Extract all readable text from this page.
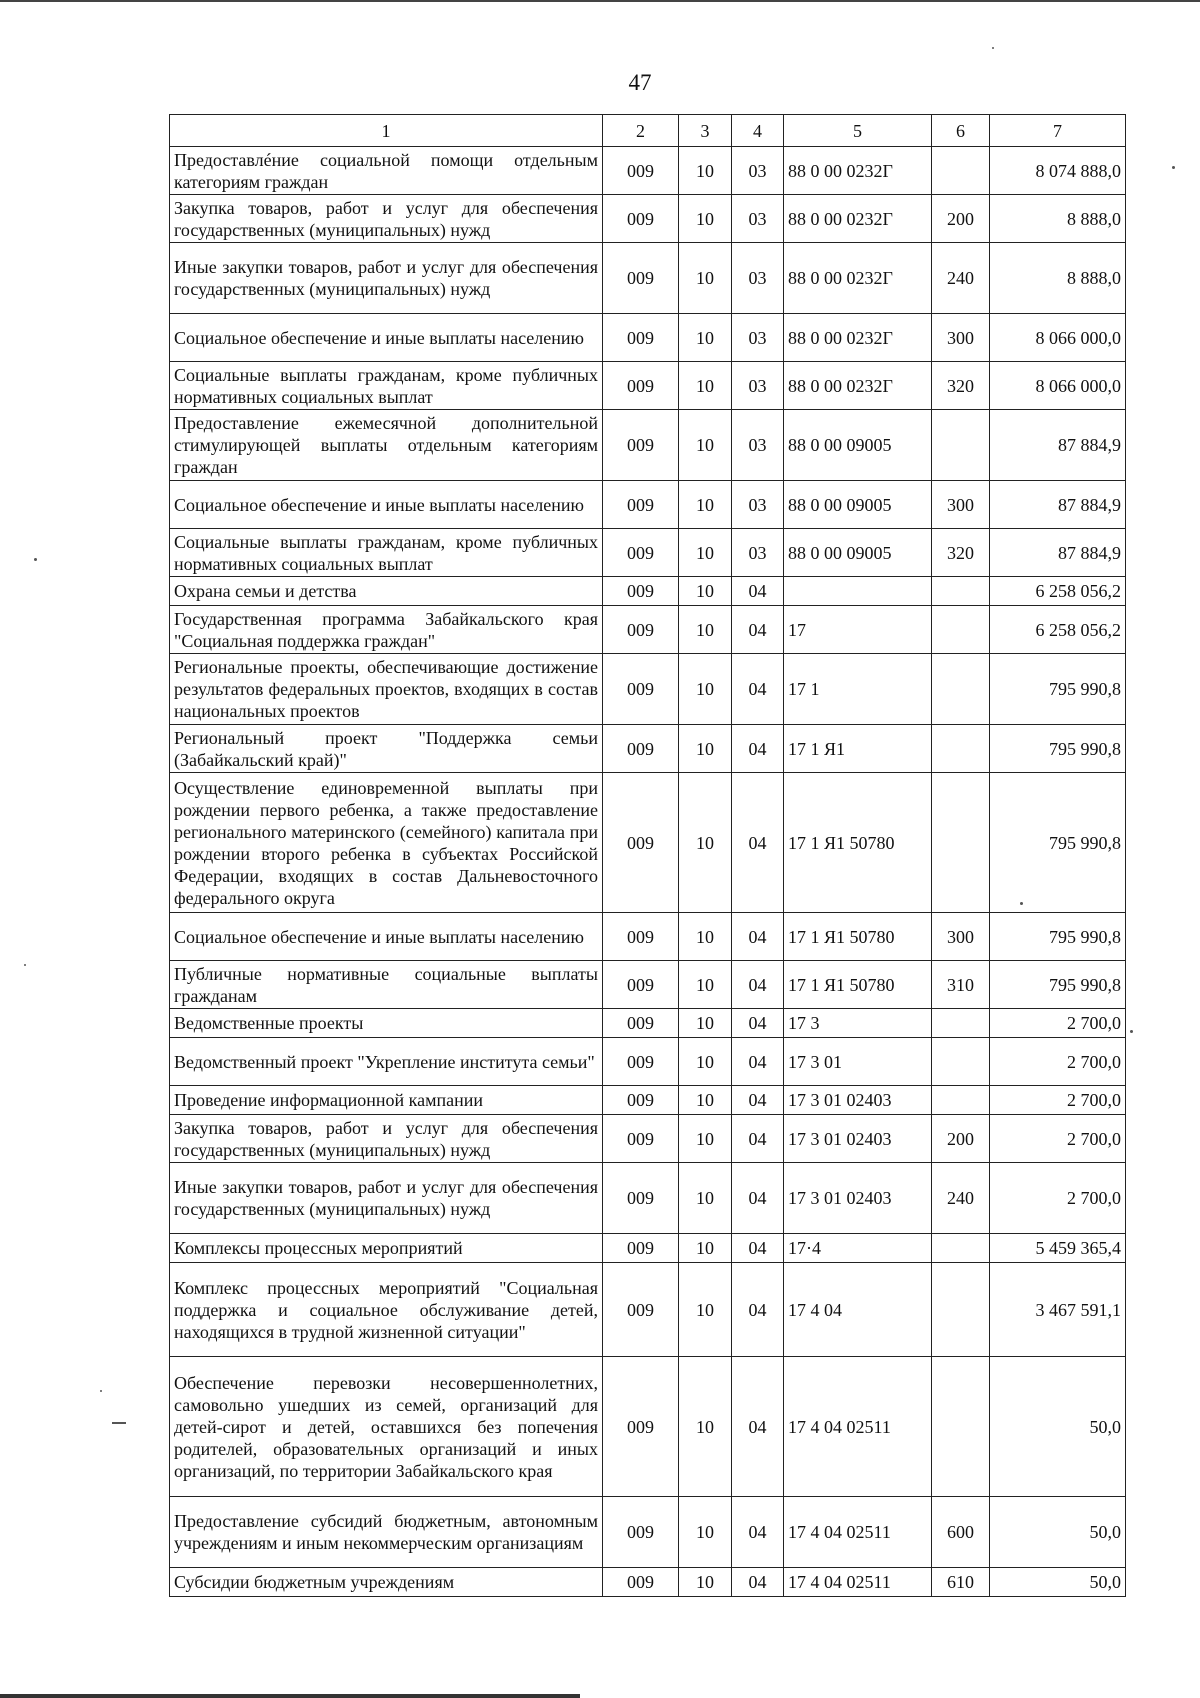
47
1	2	3	4	5	6	7
Предоставлéние социальной помощи отдельным категориям граждан	009	10	03	88 0 00 0232Г		8 074 888,0
Закупка товаров, работ и услуг для обеспечения государственных (муниципальных) нужд	009	10	03	88 0 00 0232Г	200	8 888,0
Иные закупки товаров, работ и услуг для обеспечения государственных (муниципальных) нужд	009	10	03	88 0 00 0232Г	240	8 888,0
Социальное обеспечение и иные выплаты населению	009	10	03	88 0 00 0232Г	300	8 066 000,0
Социальные выплаты гражданам, кроме публичных нормативных социальных выплат	009	10	03	88 0 00 0232Г	320	8 066 000,0
Предоставление ежемесячной дополнительной стимулирующей выплаты отдельным категориям граждан	009	10	03	88 0 00 09005		87 884,9
Социальное обеспечение и иные выплаты населению	009	10	03	88 0 00 09005	300	87 884,9
Социальные выплаты гражданам, кроме публичных нормативных социальных выплат	009	10	03	88 0 00 09005	320	87 884,9
Охрана семьи и детства	009	10	04			6 258 056,2
Государственная программа Забайкальского края "Социальная поддержка граждан"	009	10	04	17		6 258 056,2
Региональные проекты, обеспечивающие достижение результатов федеральных проектов, входящих в состав национальных проектов	009	10	04	17 1		795 990,8
Региональный проект "Поддержка семьи (Забайкальский край)"	009	10	04	17 1 Я1		795 990,8
Осуществление единовременной выплаты при рождении первого ребенка, а также предоставление регионального материнского (семейного) капитала при рождении второго ребенка в субъектах Российской Федерации, входящих в состав Дальневосточного федерального округа	009	10	04	17 1 Я1 50780		795 990,8
Социальное обеспечение и иные выплаты населению	009	10	04	17 1 Я1 50780	300	795 990,8
Публичные нормативные социальные выплаты гражданам	009	10	04	17 1 Я1 50780	310	795 990,8
Ведомственные проекты	009	10	04	17 3		2 700,0
Ведомственный проект "Укрепление института семьи"	009	10	04	17 3 01		2 700,0
Проведение информационной кампании	009	10	04	17 3 01 02403		2 700,0
Закупка товаров, работ и услуг для обеспечения государственных (муниципальных) нужд	009	10	04	17 3 01 02403	200	2 700,0
Иные закупки товаров, работ и услуг для обеспечения государственных (муниципальных) нужд	009	10	04	17 3 01 02403	240	2 700,0
Комплексы процессных мероприятий	009	10	04	17·4		5 459 365,4
Комплекс процессных мероприятий "Социальная поддержка и социальное обслуживание детей, находящихся в трудной жизненной ситуации"	009	10	04	17 4 04		3 467 591,1
Обеспечение перевозки несовершеннолетних, самовольно ушедших из семей, организаций для детей-сирот и детей, оставшихся без попечения родителей, образовательных организаций и иных организаций, по территории Забайкальского края	009	10	04	17 4 04 02511		50,0
Предоставление субсидий бюджетным, автономным учреждениям и иным некоммерческим организациям	009	10	04	17 4 04 02511	600	50,0
Субсидии бюджетным учреждениям	009	10	04	17 4 04 02511	610	50,0
